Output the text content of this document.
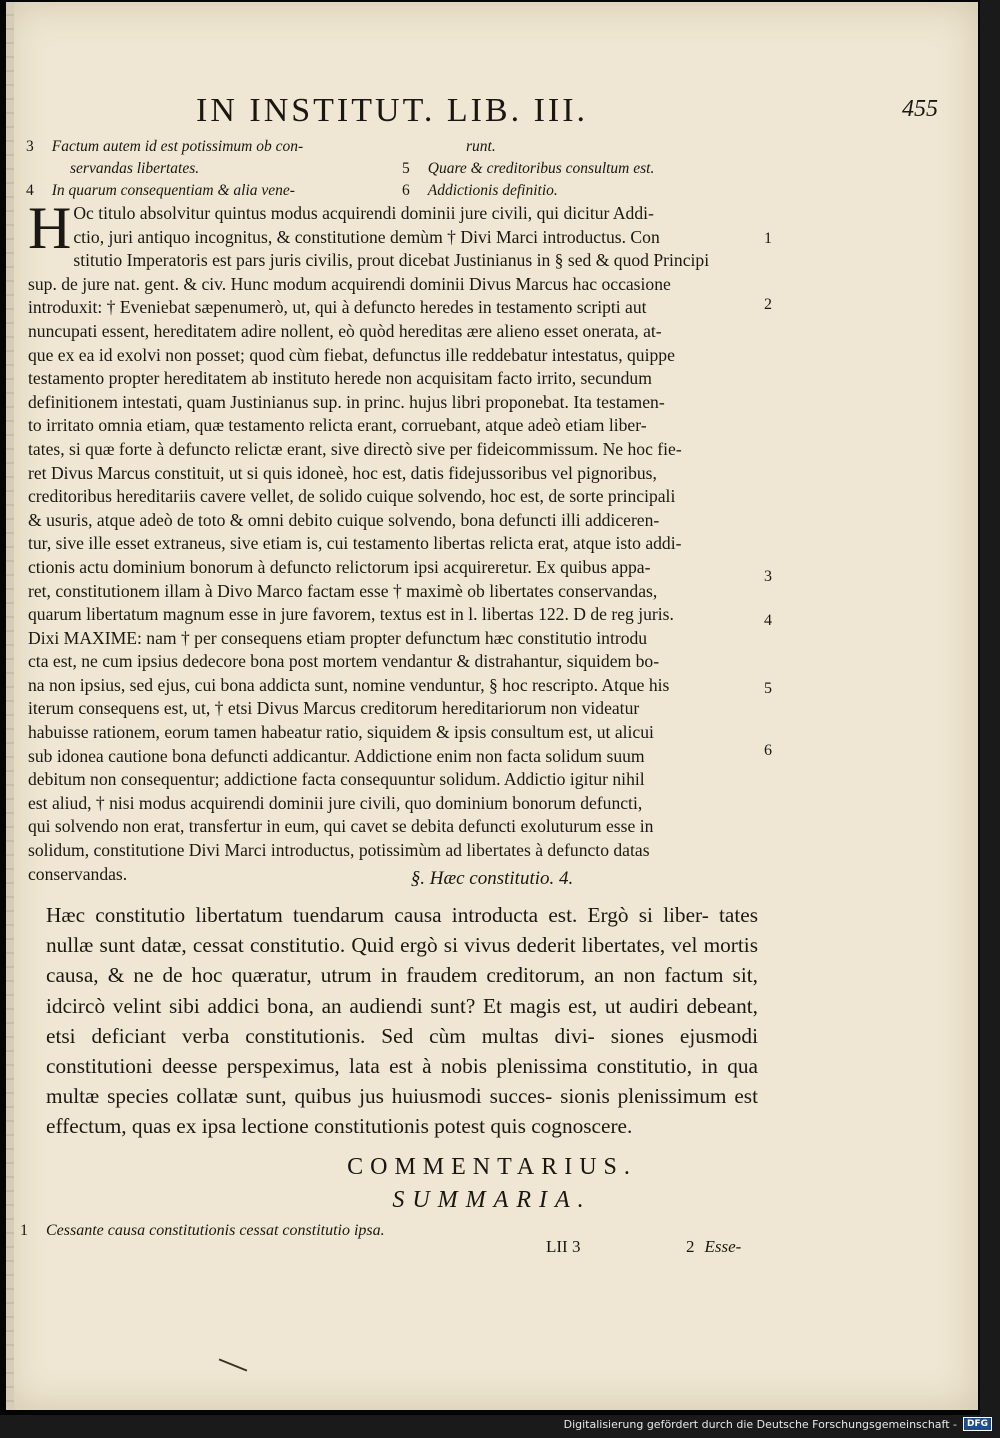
IN INSTITUT. LIB. III.	455
3 Factum autem id est potissimum ob con-
servandas libertates.
4 In quarum consequentiam & alia vene-
runt.
5 Quare & creditoribus consultum est.
6 Addictionis definitio.
H Oc titulo absolvitur quintus modus acquirendi dominii jure civili, qui dicitur Addi-
ctio, juri antiquo incognitus, & constitutione demùm † Divi Marci introductus. Con
stitutio Imperatoris est pars juris civilis, prout dicebat Justinianus in § sed & quod Principi
sup. de jure nat. gent. & civ. Hunc modum acquirendi dominii Divus Marcus hac occasione
introduxit: † Eveniebat sæpenumerò, ut, qui à defuncto heredes in testamento scripti aut
nuncupati essent, hereditatem adire nollent, eò quòd hereditas ære alieno esset onerata, at-
que ex ea id exolvi non posset; quod cùm fiebat, defunctus ille reddebatur intestatus, quippe
testamento propter hereditatem ab instituto herede non acquisitam facto irrito, secundum
definitionem intestati, quam Justinianus sup. in princ. hujus libri proponebat. Ita testamen-
to irritato omnia etiam, quæ testamento relicta erant, corruebant, atque adeò etiam liber-
tates, si quæ forte à defuncto relictæ erant, sive directò sive per fideicommissum. Ne hoc fie-
ret Divus Marcus constituit, ut si quis idoneè, hoc est, datis fidejussoribus vel pignoribus,
creditoribus hereditariis cavere vellet, de solido cuique solvendo, hoc est, de sorte principali
& usuris, atque adeò de toto & omni debito cuique solvendo, bona defuncti illi addiceren-
tur, sive ille esset extraneus, sive etiam is, cui testamento libertas relicta erat, atque isto addi-
ctionis actu dominium bonorum à defuncto relictorum ipsi acquireretur. Ex quibus appa-
ret, constitutionem illam à Divo Marco factam esse † maximè ob libertates conservandas,
quarum libertatum magnum esse in jure favorem, textus est in l. libertas 122. D de reg juris.
Dixi MAXIME: nam † per consequens etiam propter defunctum hæc constitutio introdu
cta est, ne cum ipsius dedecore bona post mortem vendantur & distrahantur, siquidem bo-
na non ipsius, sed ejus, cui bona addicta sunt, nomine venduntur, § hoc rescripto. Atque his
iterum consequens est, ut, † etsi Divus Marcus creditorum hereditariorum non videatur
habuisse rationem, eorum tamen habeatur ratio, siquidem & ipsis consultum est, ut alicui
sub idonea cautione bona defuncti addicantur. Addictione enim non facta solidum suum
debitum non consequentur; addictione facta consequuntur solidum. Addictio igitur nihil
est aliud, † nisi modus acquirendi dominii jure civili, quo dominium bonorum defuncti,
qui solvendo non erat, transfertur in eum, qui cavet se debita defuncti exoluturum esse in
solidum, constitutione Divi Marci introductus, potissimùm ad libertates à defuncto datas
conservandas.
1
2
3
4
5
6
§. Hæc constitutio. 4.
Hæc constitutio libertatum tuendarum causa introducta est. Ergò si liber- tates nullæ sunt datæ, cessat constitutio. Quid ergò si vivus dederit libertates, vel mortis causa, & ne de hoc quæratur, utrum in fraudem creditorum, an non factum sit, idcircò velint sibi addici bona, an audiendi sunt? Et magis est, ut audiri debeant, etsi deficiant verba constitutionis. Sed cùm multas divi- siones ejusmodi constitutioni deesse perspeximus, lata est à nobis plenissima constitutio, in qua multæ species collatæ sunt, quibus jus huiusmodi succes- sionis plenissimum est effectum, quas ex ipsa lectione constitutionis potest quis cognoscere.
COMMENTARIUS.
SUMMARIA.
1 Cessante causa constitutionis cessat constitutio ipsa.
LII 3	2 Esse-
Digitalisierung gefördert durch die Deutsche Forschungsgemeinschaft -	DFG
